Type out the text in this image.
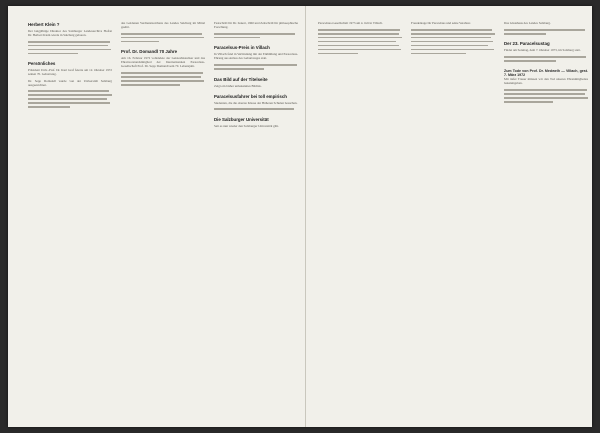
Herbert Klein ?

Der langjährige Direktor des Salzburger Landesarchivs Hofrat Dr. Herbert Klein wurde in Salzburg geboren.

Persönliches

Präsident Univ.-Prof. Dr. Kurt Graf feierte am 12. Oktober 1972 seinen 70. Geburtstag.

Dr. Sepp Domandl wurde von der Universität Salzburg ausgezeichnet.

des Goldenen Verdienstzeichens des Landes Salzburg im Mittel geehrt.

Prof. Dr. Domandl 70 Jahre

Am 16. Februar 1972 vollendete der Geisteshistoriker und das Ehrenvorstandsmitglied der Internationalen Paracelsus-Gesellschaft Prof. Dr. Sepp Domandl sein 70. Lebensjahr.

Festschrift für Dr. Zekert, 1960 und Zeitschrift für philosophische Forschung.

Paracelsus-Preis in Villach

In Villach fand in Verbindung mit der Enthüllung und Paracelsus-Ehrung aus Anlass des Geburtstages statt.

Das Bild auf der Titelseite

Zeigt ein bisher unbekanntes Bildnis.

Paracelsusfahrer bei toll empirisch

Studenten, die die oberste Klasse der Höheren Schulen besuchen.

Die Salzburger Universität

Seit es nun wieder den Salzburger Universität gibt.

Paracelsus-Gesellschaft 1973 am 4. Juli in Villach.	Freudentage für Paracelsus und seine Verehrer.	Das Gästehaus des Landes Salzburg.

Der 23. Paracelsustag

Findet am Sonntag, dem 7. Oktober 1973, im Salzburg statt.

Zum Tode von Prof. Dr. Medwelh — Villach, gest. 7. März 1972

Mit tiefer Trauer müssen wir den Tod unseres Ehrenmitgliedes bekanntgeben.
